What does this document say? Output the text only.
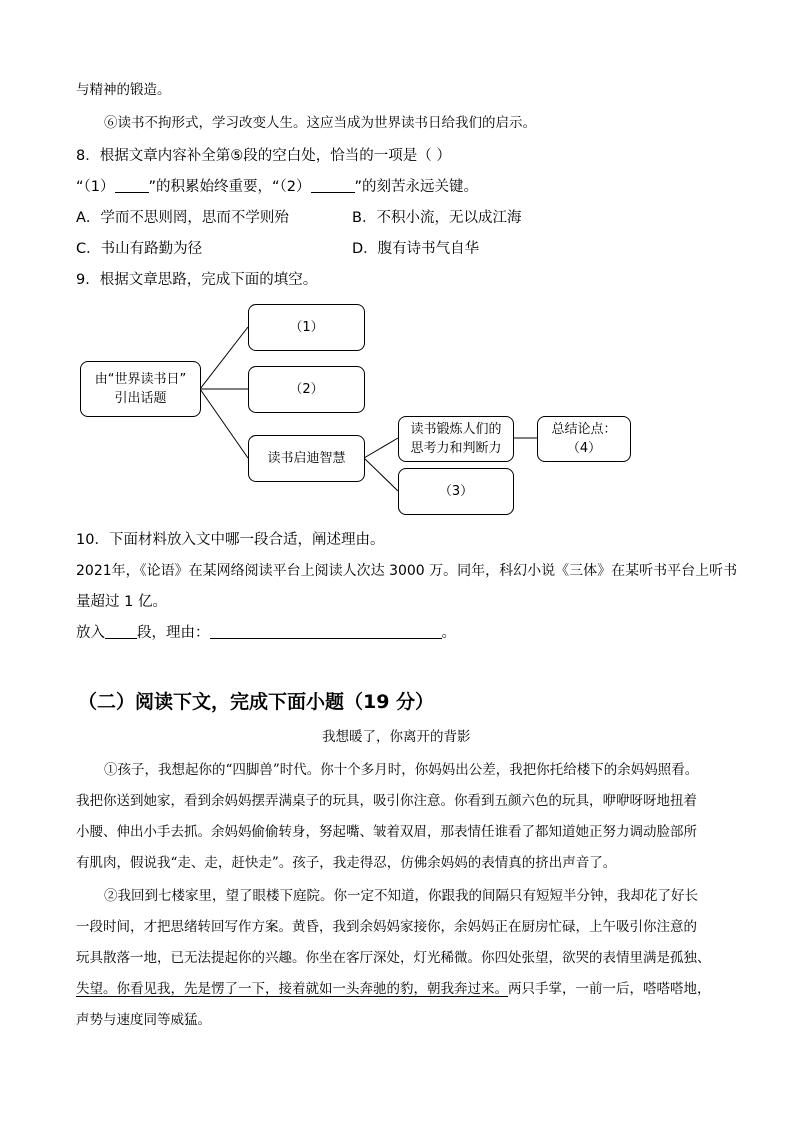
与精神的锻造。
⑥读书不拘形式，学习改变人生。这应当成为世界读书日给我们的启示。
8．根据文章内容补全第⑤段的空白处，恰当的一项是（ ）
“（1） ”的积累始终重要，“（2）	”的刻苦永远关键。
A．学而不思则罔，思而不学则殆	B．不积小流，无以成江海
C．书山有路勤为径	D．腹有诗书气自华
9．根据文章思路，完成下面的填空。
由“世界读书日”
引出话题
（1）
（2）
读书启迪智慧
读书锻炼人们的
思考力和判断力
（3）
总结论点：
（4）
10．下面材料放入文中哪一段合适，阐述理由。
2021年，《论语》在某网络阅读平台上阅读人次达 3000 万。同年，科幻小说《三体》在某听书平台上听书
量超过 1 亿。
放入 段，理由：	。
（二）阅读下文，完成下面小题（19 分）
我想暖了，你离开的背影
①孩子，我想起你的“四脚兽”时代。你十个多月时，你妈妈出公差，我把你托给楼下的余妈妈照看。
我把你送到她家，看到余妈妈摆弄满桌子的玩具，吸引你注意。你看到五颜六色的玩具，咿咿呀呀地扭着
小腰、伸出小手去抓。余妈妈偷偷转身，努起嘴、皱着双眉，那表情任谁看了都知道她正努力调动脸部所
有肌肉，假说我“走、走，赶快走”。孩子，我走得忍，仿佛余妈妈的表情真的挤出声音了。
②我回到七楼家里，望了眼楼下庭院。你一定不知道，你跟我的间隔只有短短半分钟，我却花了好长
一段时间，才把思绪转回写作方案。黄昏，我到余妈妈家接你，余妈妈正在厨房忙碌，上午吸引你注意的
玩具散落一地，已无法提起你的兴趣。你坐在客厅深处，灯光稀微。你四处张望，欲哭的表情里满是孤独、
失望。你看见我，先是愣了一下，接着就如一头奔驰的豹，朝我奔过来。两只手掌，一前一后，嗒嗒嗒地，
声势与速度同等威猛。
